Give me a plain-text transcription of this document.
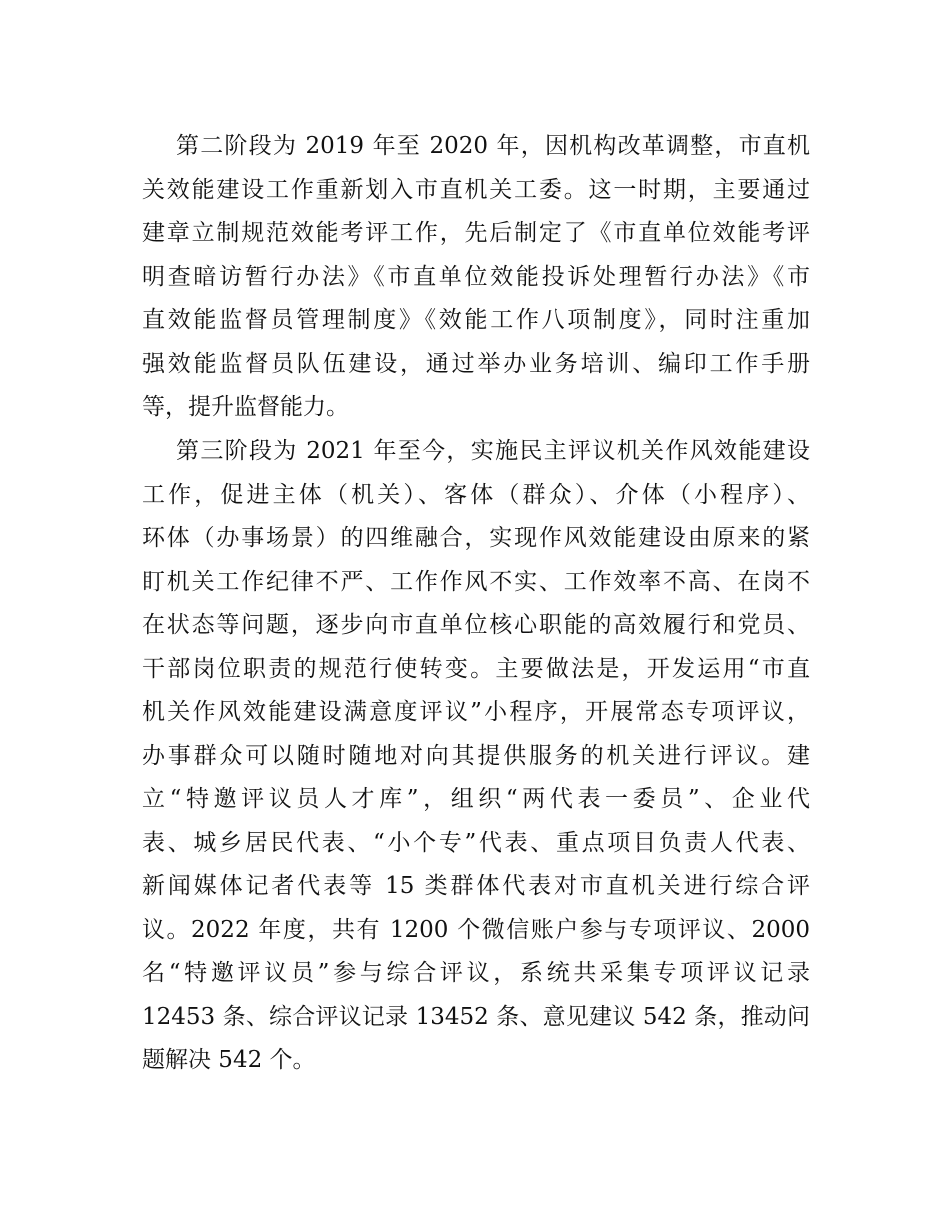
第二阶段为 2019 年至 2020 年，因机构改革调整，市直机
关效能建设工作重新划入市直机关工委。这一时期，主要通过
建章立制规范效能考评工作，先后制定了《市直单位效能考评
明查暗访暂行办法》《市直单位效能投诉处理暂行办法》《市
直效能监督员管理制度》《效能工作八项制度》，同时注重加
强效能监督员队伍建设，通过举办业务培训、编印工作手册
等，提升监督能力。
第三阶段为 2021 年至今，实施民主评议机关作风效能建设
工作，促进主体（机关）、客体（群众）、介体（小程序）、
环体（办事场景）的四维融合，实现作风效能建设由原来的紧
盯机关工作纪律不严、工作作风不实、工作效率不高、在岗不
在状态等问题，逐步向市直单位核心职能的高效履行和党员、
干部岗位职责的规范行使转变。主要做法是，开发运用“市直
机关作风效能建设满意度评议”小程序，开展常态专项评议，
办事群众可以随时随地对向其提供服务的机关进行评议。建
立“特邀评议员人才库”，组织“两代表一委员”、企业代
表、城乡居民代表、“小个专”代表、重点项目负责人代表、
新闻媒体记者代表等 15 类群体代表对市直机关进行综合评
议。2022 年度，共有 1200 个微信账户参与专项评议、2000
名“特邀评议员”参与综合评议，系统共采集专项评议记录
12453 条、综合评议记录 13452 条、意见建议 542 条，推动问
题解决 542 个。
